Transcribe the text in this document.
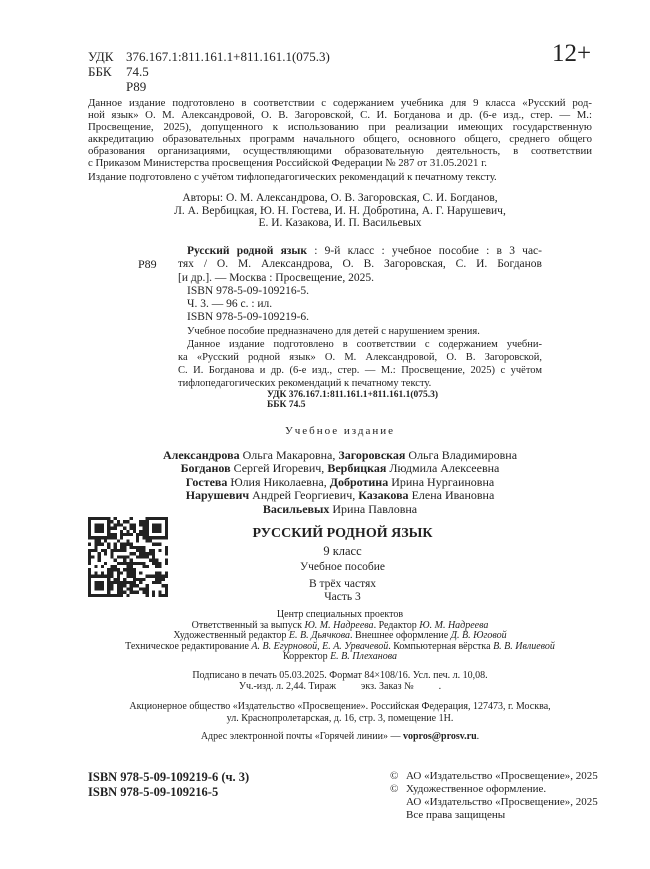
УДК 376.167.1:811.161.1+811.161.1(075.3)
ББК 74.5
Р89
12+
Данное издание подготовлено в соответствии с содержанием учебника для 9 класса «Русский род-
ной язык» О. М. Александровой, О. В. Загоровской, С. И. Богданова и др. (6-е изд., стер. — М.:
Просвещение, 2025), допущенного к использованию при реализации имеющих государственную
аккредитацию образовательных программ начального общего, основного общего, среднего общего
образования организациями, осуществляющими образовательную деятельность, в соответствии
с Приказом Министерства просвещения Российской Федерации № 287 от 31.05.2021 г.
Издание подготовлено с учётом тифлопедагогических рекомендаций к печатному тексту.
Авторы: О. М. Александрова, О. В. Загоровская, С. И. Богданов,
Л. А. Вербицкая, Ю. Н. Гостева, И. Н. Добротина, А. Г. Нарушевич,
Е. И. Казакова, И. П. Васильевых
Р89
Русский родной язык : 9-й класс : учебное пособие : в 3 час-
тях / О. М. Александрова, О. В. Загоровская, С. И. Богданов
[и др.]. — Москва : Просвещение, 2025.
ISBN 978-5-09-109216-5.
Ч. 3. — 96 с. : ил.
ISBN 978-5-09-109219-6.
Учебное пособие предназначено для детей с нарушением зрения.
Данное издание подготовлено в соответствии с содержанием учебни-
ка «Русский родной язык» О. М. Александровой, О. В. Загоровской,
С. И. Богданова и др. (6-е изд., стер. — М.: Просвещение, 2025) с учётом
тифлопедагогических рекомендаций к печатному тексту.
УДК 376.167.1:811.161.1+811.161.1(075.3)
ББК 74.5
Учебное издание
Александрова Ольга Макаровна, Загоровская Ольга Владимировна
Богданов Сергей Игоревич, Вербицкая Людмила Алексеевна
Гостева Юлия Николаевна, Добротина Ирина Нургаиновна
Нарушевич Андрей Георгиевич, Казакова Елена Ивановна
Васильевых Ирина Павловна
РУССКИЙ РОДНОЙ ЯЗЫК
9 класс
Учебное пособие
В трёх частях
Часть 3
Центр специальных проектов
Ответственный за выпуск Ю. М. Надреева. Редактор Ю. М. Надреева
Художественный редактор Е. В. Дьячкова. Внешнее оформление Д. В. Юговой
Техническое редактирование А. В. Егурновой, Е. А. Урвачевой. Компьютерная вёрстка В. В. Ивлиевой
Корректор Е. В. Плеханова
Подписано в печать 05.03.2025. Формат 84×108/16. Усл. печ. л. 10,08.
Уч.-изд. л. 2,44. Тираж          экз. Заказ №          .
Акционерное общество «Издательство «Просвещение». Российская Федерация, 127473, г. Москва,
ул. Краснопролетарская, д. 16, стр. 3, помещение 1Н.
Адрес электронной почты «Горячей линии» — vopros@prosv.ru.
ISBN 978-5-09-109219-6 (ч. 3)
ISBN 978-5-09-109216-5
©	АО «Издательство «Просвещение», 2025
©	Художественное оформление.
	АО «Издательство «Просвещение», 2025
	Все права защищены
